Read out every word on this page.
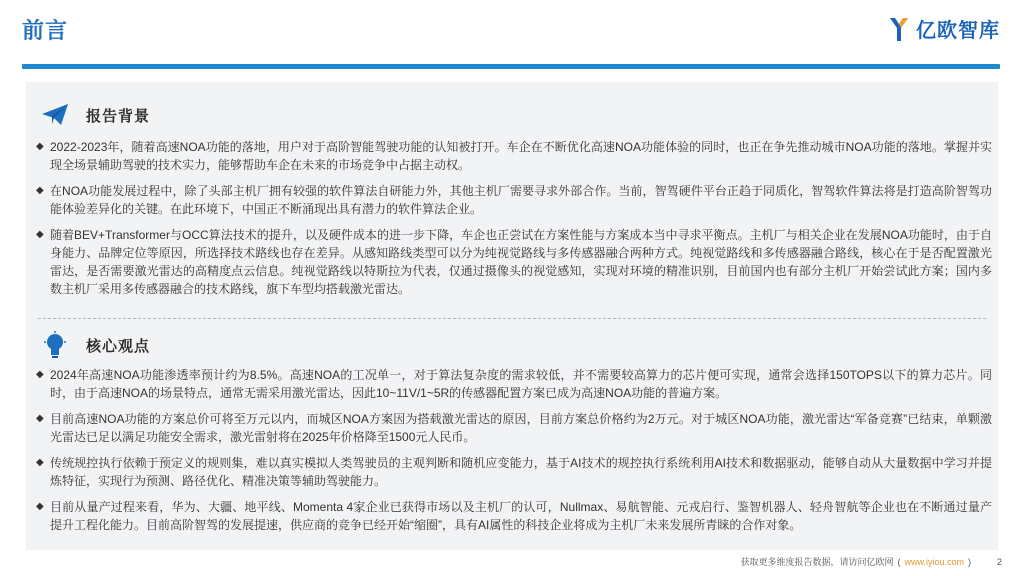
前言	亿欧智库
报告背景
◆ 2022-2023年，随着高速NOA功能的落地，用户对于高阶智能驾驶功能的认知被打开。车企在不断优化高速NOA功能体验的同时，也正在争先推动城市NOA功能的落地。掌握并实现全场景辅助驾驶的技术实力，能够帮助车企在未来的市场竞争中占据主动权。
◆ 在NOA功能发展过程中，除了头部主机厂拥有较强的软件算法自研能力外，其他主机厂需要寻求外部合作。当前，智驾硬件平台正趋于同质化，智驾软件算法将是打造高阶智驾功能体验差异化的关键。在此环境下，中国正不断涌现出具有潜力的软件算法企业。
◆ 随着BEV+Transformer与OCC算法技术的提升，以及硬件成本的进一步下降，车企也正尝试在方案性能与方案成本当中寻求平衡点。主机厂与相关企业在发展NOA功能时，由于自身能力、品牌定位等原因，所选择技术路线也存在差异。从感知路线类型可以分为纯视觉路线与多传感器融合两种方式。纯视觉路线和多传感器融合路线，核心在于是否配置激光雷达，是否需要激光雷达的高精度点云信息。纯视觉路线以特斯拉为代表，仅通过摄像头的视觉感知，实现对环境的精准识别，目前国内也有部分主机厂开始尝试此方案；国内多数主机厂采用多传感器融合的技术路线，旗下车型均搭载激光雷达。
核心观点
◆ 2024年高速NOA功能渗透率预计约为8.5%。高速NOA的工况单一，对于算法复杂度的需求较低，并不需要较高算力的芯片便可实现，通常会选择150TOPS以下的算力芯片。同时，由于高速NOA的场景特点，通常无需采用激光雷达，因此10~11V/1~5R的传感器配置方案已成为高速NOA功能的普遍方案。
◆ 目前高速NOA功能的方案总价可将至万元以内，而城区NOA方案因为搭载激光雷达的原因，目前方案总价格约为2万元。对于城区NOA功能，激光雷达“军备竞赛”已结束，单颗激光雷达已足以满足功能安全需求，激光雷射将在2025年价格降至1500元人民币。
◆ 传统规控执行依赖于预定义的规则集，难以真实模拟人类驾驶员的主观判断和随机应变能力，基于AI技术的规控执行系统利用AI技术和数据驱动，能够自动从大量数据中学习并提炼特征，实现行为预测、路径优化、精准决策等辅助驾驶能力。
◆ 目前从量产过程来看，华为、大疆、地平线、Momenta 4家企业已获得市场以及主机厂的认可，Nullmax、易航智能、元戎启行、鉴智机器人、轻舟智航等企业也在不断通过量产提升工程化能力。目前高阶智驾的发展提速，供应商的竞争已经开始“缩圈”，具有AI属性的科技企业将成为主机厂未来发展所青睐的合作对象。
获取更多维度报告数据，请访问亿欧网 ( www.iyiou.com )	2
